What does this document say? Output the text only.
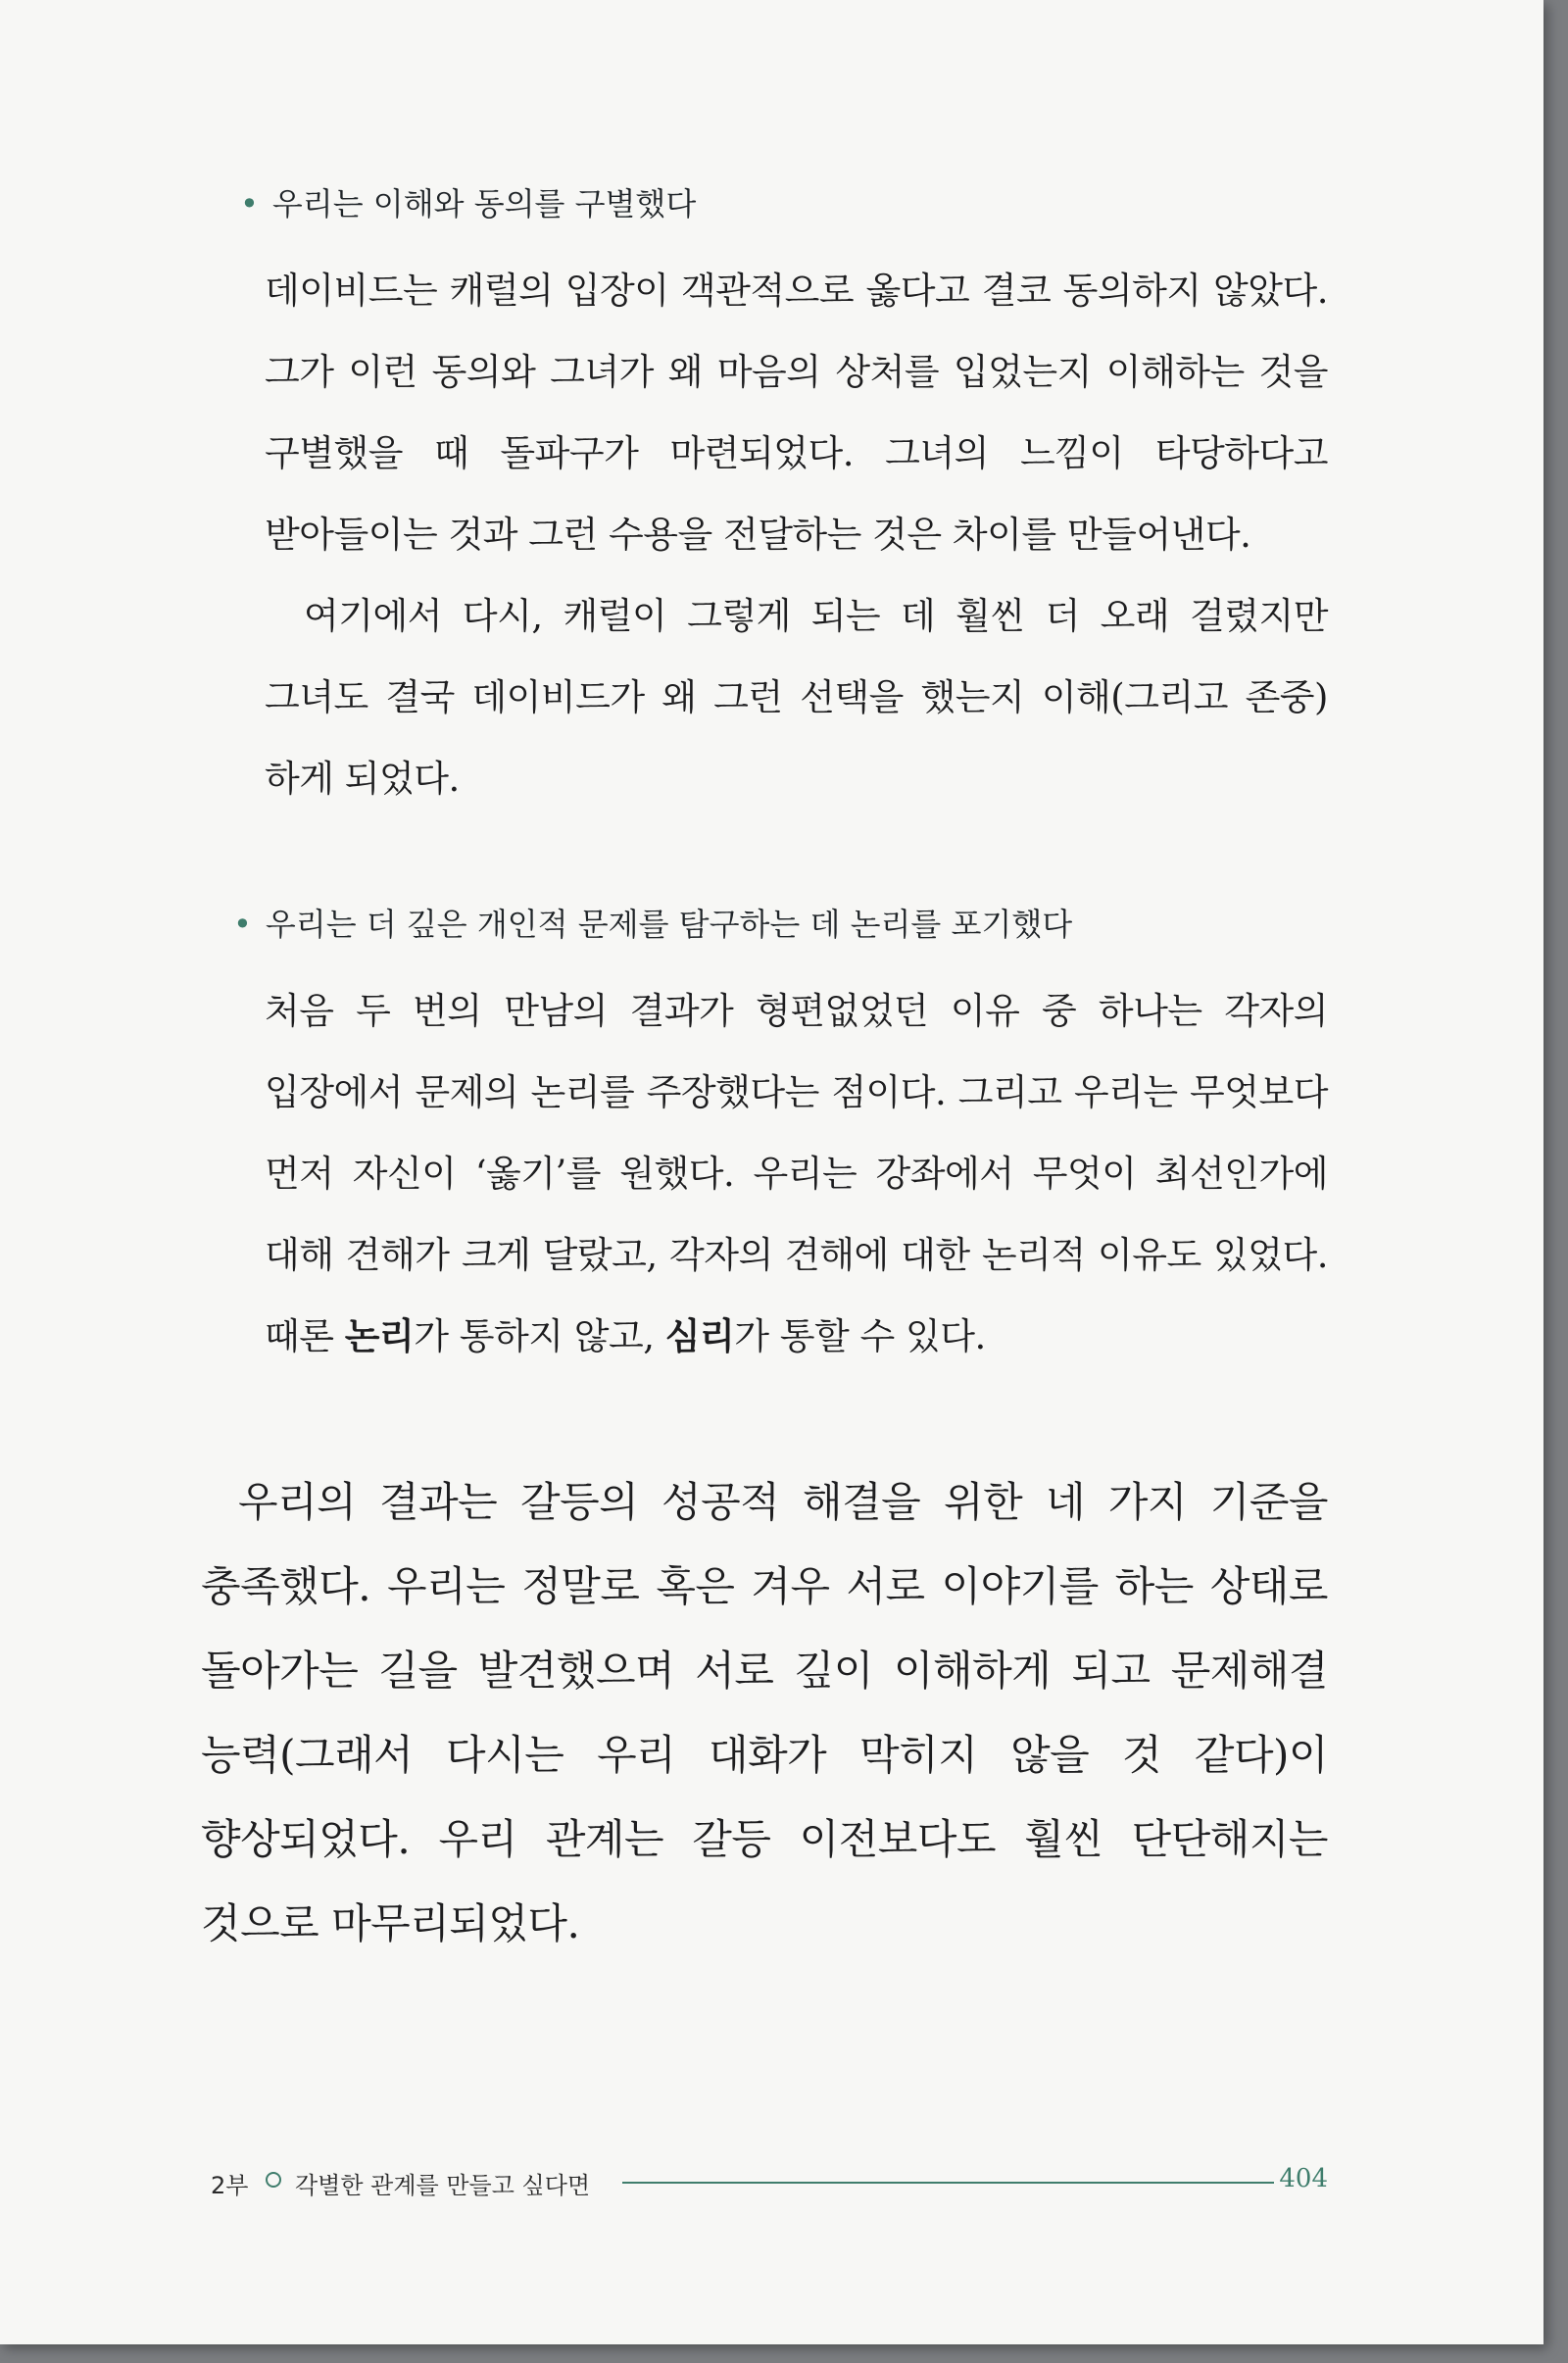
• 우리는 이해와 동의를 구별했다

데이비드는 캐럴의 입장이 객관적으로 옳다고 결코 동의하지 않았다. 그가 이런 동의와 그녀가 왜 마음의 상처를 입었는지 이해하는 것을 구별했을 때 돌파구가 마련되었다. 그녀의 느낌이 타당하다고 받아들이는 것과 그런 수용을 전달하는 것은 차이를 만들어낸다.

여기에서 다시, 캐럴이 그렇게 되는 데 훨씬 더 오래 걸렸지만 그녀도 결국 데이비드가 왜 그런 선택을 했는지 이해(그리고 존중)하게 되었다.

• 우리는 더 깊은 개인적 문제를 탐구하는 데 논리를 포기했다

처음 두 번의 만남의 결과가 형편없었던 이유 중 하나는 각자의 입장에서 문제의 논리를 주장했다는 점이다. 그리고 우리는 무엇보다 먼저 자신이 ‘옳기’를 원했다. 우리는 강좌에서 무엇이 최선인가에 대해 견해가 크게 달랐고, 각자의 견해에 대한 논리적 이유도 있었다. 때론 논리가 통하지 않고, 심리가 통할 수 있다.

우리의 결과는 갈등의 성공적 해결을 위한 네 가지 기준을 충족했다. 우리는 정말로 혹은 겨우 서로 이야기를 하는 상태로 돌아가는 길을 발견했으며 서로 깊이 이해하게 되고 문제해결 능력(그래서 다시는 우리 대화가 막히지 않을 것 같다)이 향상되었다. 우리 관계는 갈등 이전보다도 훨씬 단단해지는 것으로 마무리되었다.

2부 각별한 관계를 만들고 싶다면	404
